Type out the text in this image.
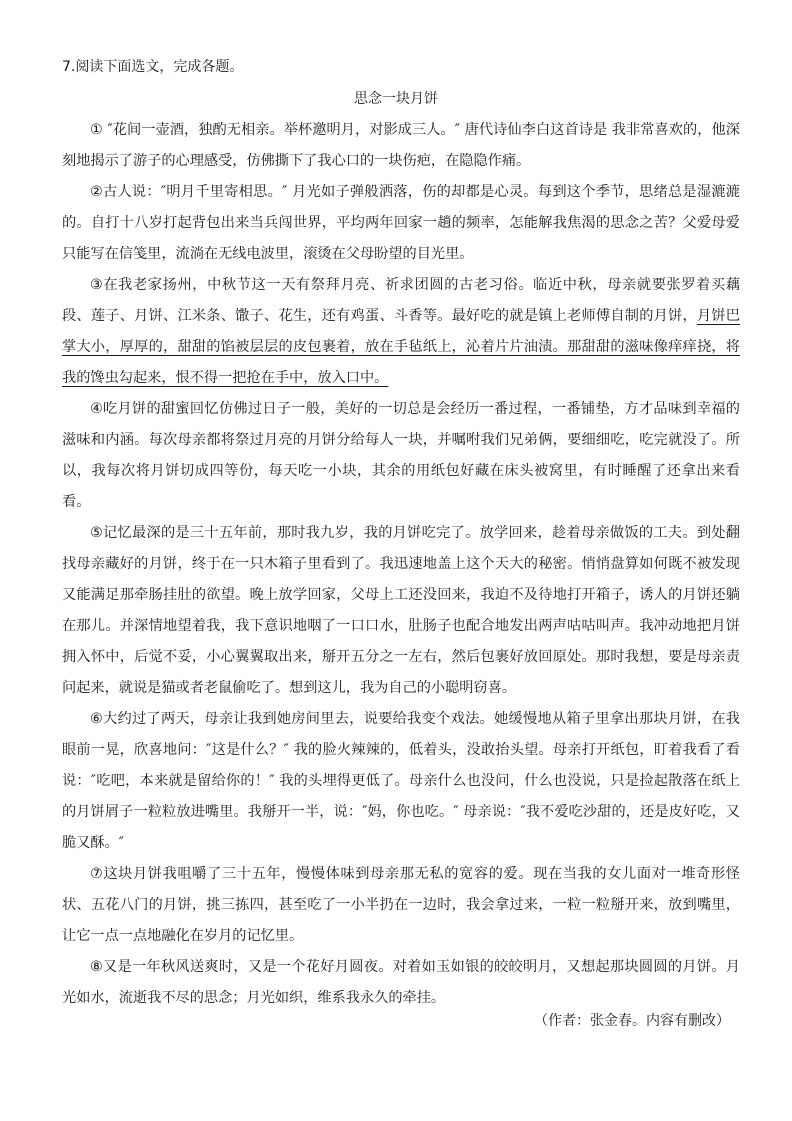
7.阅读下面选文，完成各题。
思念一块月饼

① ″花间一壶酒，独酌无相亲。举杯邀明月，对影成三人。″ 唐代诗仙李白这首诗是 我非常喜欢的，他深刻地揭示了游子的心理感受，仿佛撕下了我心口的一块伤疤，在隐隐作痛。

②古人说：″明月千里寄相思。″ 月光如子弹般洒落，伤的却都是心灵。每到这个季节，思绪总是湿漉漉的。自打十八岁打起背包出来当兵闯世界，平均两年回家一趟的频率，怎能解我焦渴的思念之苦？父爱母爱只能写在信笺里，流淌在无线电波里，滚烫在父母盼望的目光里。

③在我老家扬州，中秋节这一天有祭拜月亮、祈求团圆的古老习俗。临近中秋，母亲就要张罗着买藕段、莲子、月饼、江米条、馓子、花生，还有鸡蛋、斗香等。最好吃的就是镇上老师傅自制的月饼，月饼巴掌大小，厚厚的，甜甜的馅被层层的皮包裹着，放在手毡纸上，沁着片片油渍。那甜甜的滋味像痒痒挠，将我的馋虫勾起来，恨不得一把抢在手中，放入口中。

④吃月饼的甜蜜回忆仿佛过日子一般，美好的一切总是会经历一番过程，一番铺垫，方才品味到幸福的滋味和内涵。每次母亲都将祭过月亮的月饼分给每人一块，并嘱咐我们兄弟俩，要细细吃，吃完就没了。所以，我每次将月饼切成四等份，每天吃一小块，其余的用纸包好藏在床头被窝里，有时睡醒了还拿出来看看。

⑤记忆最深的是三十五年前，那时我九岁，我的月饼吃完了。放学回来，趁着母亲做饭的工夫。到处翻找母亲藏好的月饼，终于在一只木箱子里看到了。我迅速地盖上这个天大的秘密。悄悄盘算如何既不被发现又能满足那牵肠挂肚的欲望。晚上放学回家，父母上工还没回来，我迫不及待地打开箱子，诱人的月饼还躺在那儿。并深情地望着我，我下意识地咽了一口口水，肚肠子也配合地发出两声咕咕叫声。我冲动地把月饼拥入怀中，后觉不妥，小心翼翼取出来，掰开五分之一左右，然后包裹好放回原处。那时我想，要是母亲责问起来，就说是猫或者老鼠偷吃了。想到这儿，我为自己的小聪明窃喜。

⑥大约过了两天，母亲让我到她房间里去，说要给我变个戏法。她缓慢地从箱子里拿出那块月饼，在我眼前一晃，欣喜地问：″这是什么？″ 我的脸火辣辣的，低着头，没敢抬头望。母亲打开纸包，盯着我看了看说：″吃吧，本来就是留给你的！″ 我的头埋得更低了。母亲什么也没问，什么也没说，只是捡起散落在纸上的月饼屑子一粒粒放进嘴里。我掰开一半，说：″妈，你也吃。″ 母亲说：″我不爱吃沙甜的，还是皮好吃，又脆又酥。″

⑦这块月饼我咀嚼了三十五年，慢慢体味到母亲那无私的宽容的爱。现在当我的女儿面对一堆奇形怪状、五花八门的月饼，挑三拣四，甚至吃了一小半扔在一边时，我会拿过来，一粒一粒掰开来，放到嘴里，让它一点一点地融化在岁月的记忆里。

⑧又是一年秋风送爽时，又是一个花好月圆夜。对着如玉如银的皎皎明月，又想起那块圆圆的月饼。月光如水，流逝我不尽的思念；月光如织，维系我永久的牵挂。

（作者：张金春。内容有删改）
